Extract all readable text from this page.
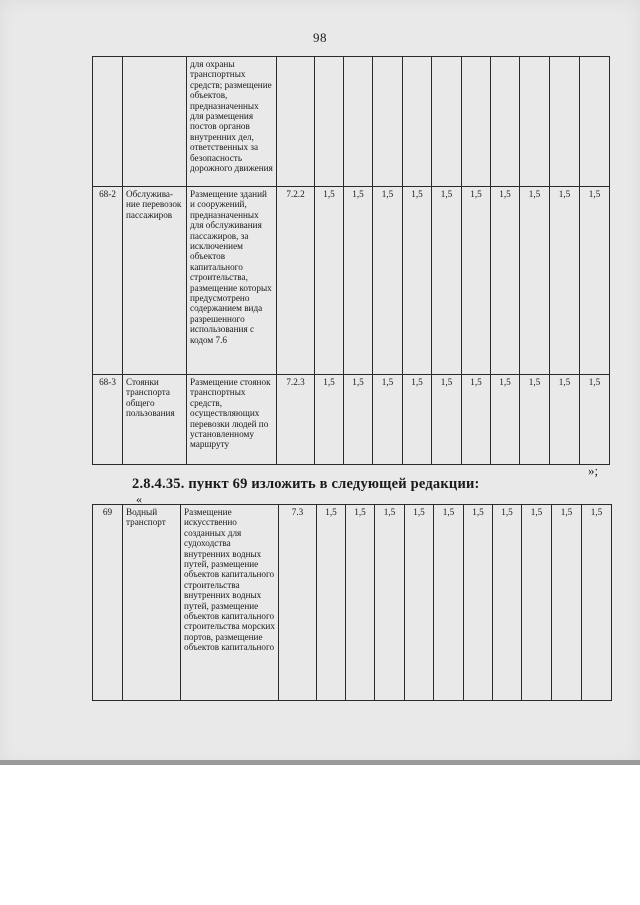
98
		для охраны транспортных средств; размещение объектов, предназначенных для размещения постов органов внутренних дел, ответственных за безопасность дорожного движения											
68-2	Обслужива-ние перевозок пассажиров	Размещение зданий и сооружений, предназначенных для обслуживания пассажиров, за исключением объектов капитального строительства, размещение которых предусмотрено содержанием вида разрешенного использования с кодом 7.6	7.2.2	1,5	1,5	1,5	1,5	1,5	1,5	1,5	1,5	1,5	1,5
68-3	Стоянки транспорта общего пользования	Размещение стоянок транспортных средств, осуществляющих перевозки людей по установленному маршруту	7.2.3	1,5	1,5	1,5	1,5	1,5	1,5	1,5	1,5	1,5	1,5
»;
2.8.4.35. пункт 69 изложить в следующей редакции:
«
69	Водный транспорт	Размещение искусственно созданных для судоходства внутренних водных путей, размещение объектов капитального строительства внутренних водных путей, размещение объектов капитального строительства морских портов, размещение объектов капитального	7.3	1,5	1,5	1,5	1,5	1,5	1,5	1,5	1,5	1,5	1,5
